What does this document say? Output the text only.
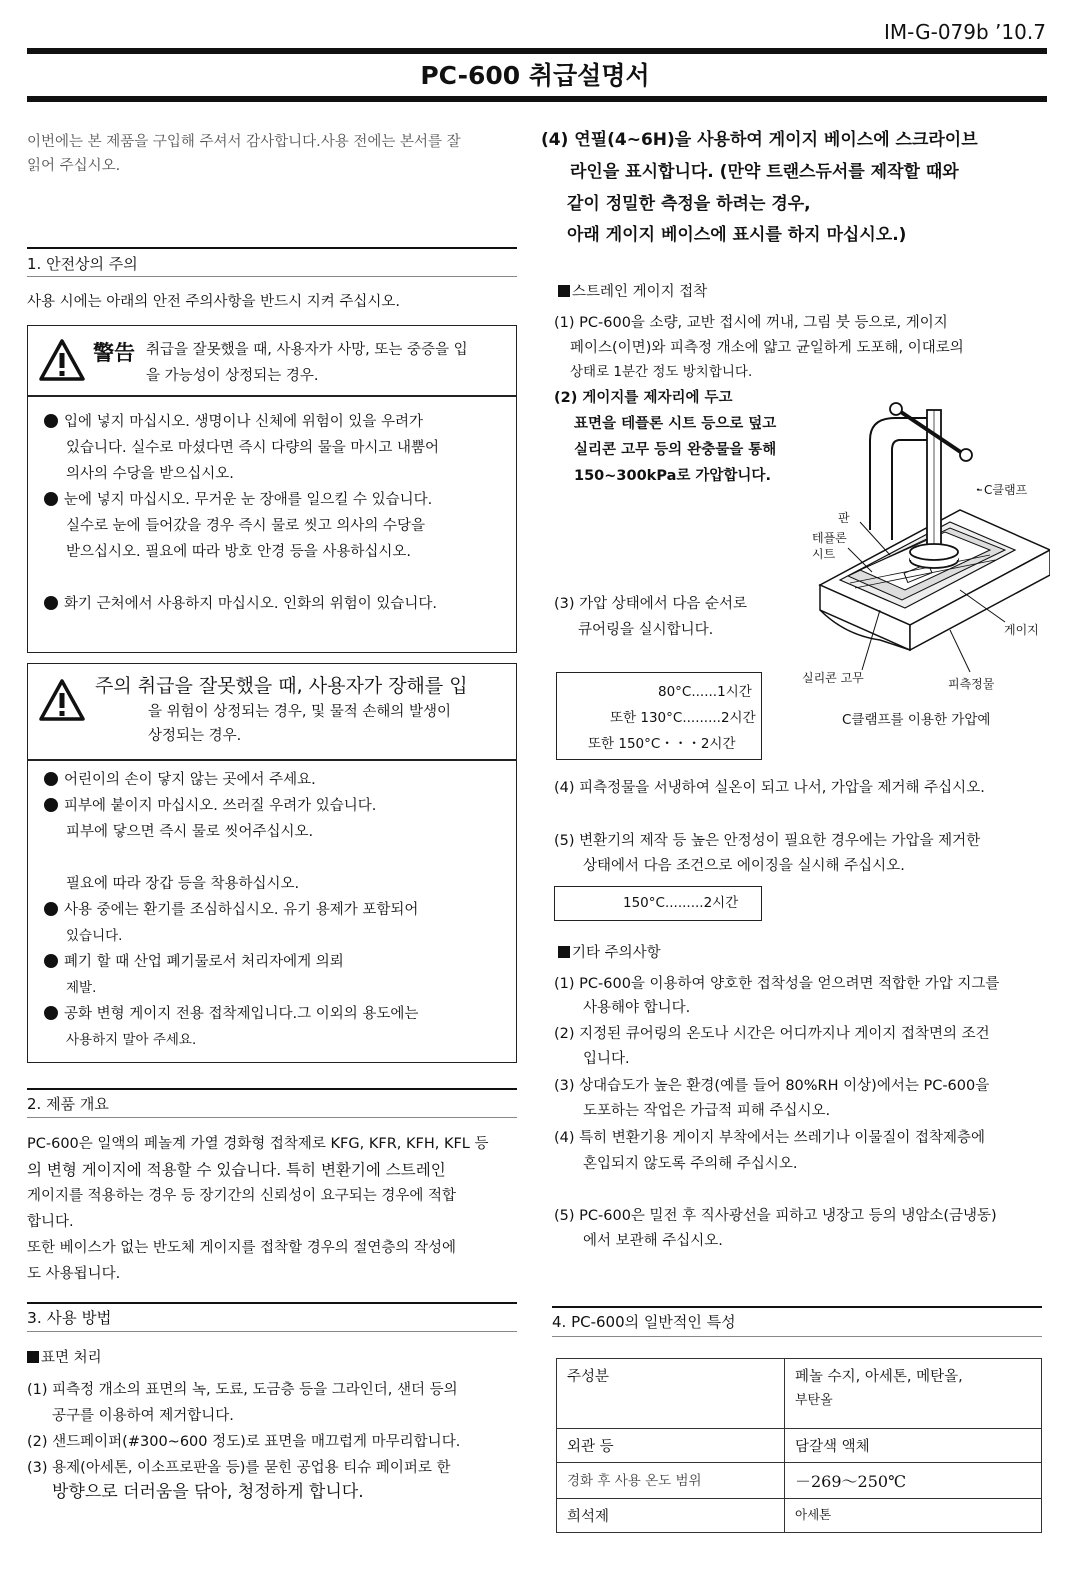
IM-G-079b ’10.7
PC-600 취급설명서
이번에는 본 제품을 구입해 주셔서 감사합니다.사용 전에는 본서를 잘
읽어 주십시오.
1. 안전상의 주의
사용 시에는 아래의 안전 주의사항을 반드시 지켜 주십시오.
警告 취급을 잘못했을 때, 사용자가 사망, 또는 중증을 입
을 가능성이 상정되는 경우.
입에 넣지 마십시오. 생명이나 신체에 위험이 있을 우려가
있습니다. 실수로 마셨다면 즉시 다량의 물을 마시고 내뿜어
의사의 수당을 받으십시오.
눈에 넣지 마십시오. 무거운 눈 장애를 일으킬 수 있습니다.
실수로 눈에 들어갔을 경우 즉시 물로 씻고 의사의 수당을
받으십시오. 필요에 따라 방호 안경 등을 사용하십시오.
화기 근처에서 사용하지 마십시오. 인화의 위험이 있습니다.
주의 취급을 잘못했을 때, 사용자가 장해를 입
을 위험이 상정되는 경우, 및 물적 손해의 발생이
상정되는 경우.
어린이의 손이 닿지 않는 곳에서 주세요.
피부에 붙이지 마십시오. 쓰러질 우려가 있습니다.
피부에 닿으면 즉시 물로 씻어주십시오.
필요에 따라 장갑 등을 착용하십시오.
사용 중에는 환기를 조심하십시오. 유기 용제가 포함되어
있습니다.
폐기 할 때 산업 폐기물로서 처리자에게 의뢰
제발.
공화 변형 게이지 전용 접착제입니다.그 이외의 용도에는
사용하지 말아 주세요.
2. 제품 개요
PC-600은 일액의 페놀계 가열 경화형 접착제로 KFG, KFR, KFH, KFL 등
의 변형 게이지에 적용할 수 있습니다. 특히 변환기에 스트레인
게이지를 적용하는 경우 등 장기간의 신뢰성이 요구되는 경우에 적합
합니다.
또한 베이스가 없는 반도체 게이지를 접착할 경우의 절연층의 작성에
도 사용됩니다.
3. 사용 방법
표면 처리
(1) 피측정 개소의 표면의 녹, 도료, 도금층 등을 그라인더, 샌더 등의
공구를 이용하여 제거합니다.
(2) 샌드페이퍼(#300~600 정도)로 표면을 매끄럽게 마무리합니다.
(3) 용제(아세톤, 이소프로판올 등)를 묻힌 공업용 티슈 페이퍼로 한
방향으로 더러움을 닦아, 청정하게 합니다.
(4) 연필(4~6H)을 사용하여 게이지 베이스에 스크라이브
라인을 표시합니다. (만약 트랜스듀서를 제작할 때와
같이 정밀한 측정을 하려는 경우,
아래 게이지 베이스에 표시를 하지 마십시오.)
스트레인 게이지 접착
(1) PC-600을 소량, 교반 접시에 꺼내, 그림 붓 등으로, 게이지
페이스(이면)와 피측정 개소에 얇고 균일하게 도포해, 이대로의
상태로 1분간 정도 방치합니다.
(2) 게이지를 제자리에 두고
표면을 테플론 시트 등으로 덮고
실리콘 고무 등의 완충물을 통해
150~300kPa로 가압합니다.
(3) 가압 상태에서 다음 순서로
큐어링을 실시합니다.
80°C......1시간
또한 130°C.........2시간
또한 150°C・・・2시간
・C클램프
판
테플론
시트
게이지
실리콘 고무	피측정물
C클램프를 이용한 가압예
(4) 피측정물을 서냉하여 실온이 되고 나서, 가압을 제거해 주십시오.
(5) 변환기의 제작 등 높은 안정성이 필요한 경우에는 가압을 제거한
상태에서 다음 조건으로 에이징을 실시해 주십시오.
150°C.........2시간
기타 주의사항
(1) PC-600을 이용하여 양호한 접착성을 얻으려면 적합한 가압 지그를
사용해야 합니다.
(2) 지정된 큐어링의 온도나 시간은 어디까지나 게이지 접착면의 조건
입니다.
(3) 상대습도가 높은 환경(예를 들어 80%RH 이상)에서는 PC-600을
도포하는 작업은 가급적 피해 주십시오.
(4) 특히 변환기용 게이지 부착에서는 쓰레기나 이물질이 접착제층에
혼입되지 않도록 주의해 주십시오.
(5) PC-600은 밀전 후 직사광선을 피하고 냉장고 등의 냉암소(금냉동)
에서 보관해 주십시오.
4. PC-600의 일반적인 특성
주성분	페놀 수지, 아세톤, 메탄올,
부탄올

외관 등	담갈색 액체
경화 후 사용 온도 범위	－269～250℃
희석제	아세톤
